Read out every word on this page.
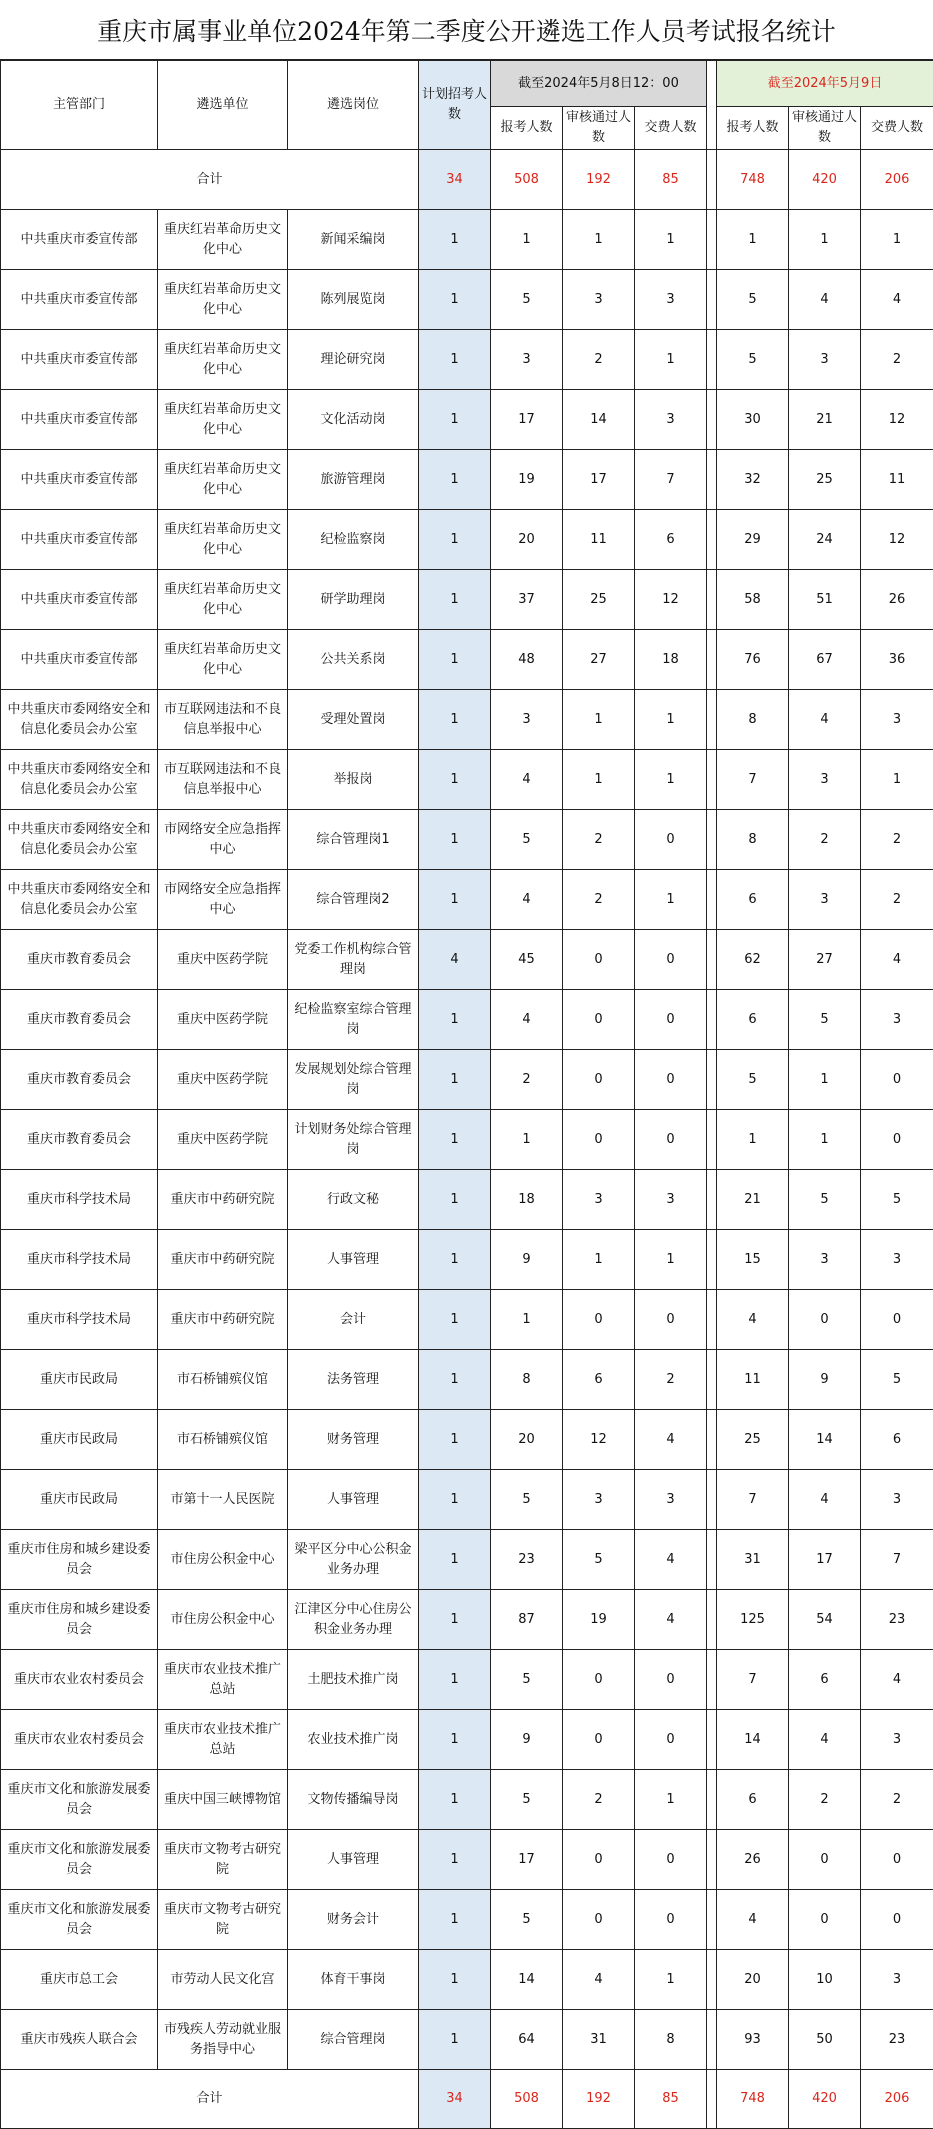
重庆市属事业单位2024年第二季度公开遴选工作人员考试报名统计
主管部门	遴选单位	遴选岗位	计划招考人数	截至2024年5月8日12：00				截至2024年5月9日		
				报考人数	审核通过人数	交费人数		报考人数	审核通过人数	交费人数
合计			34	508	192	85		748	420	206
中共重庆市委宣传部	重庆红岩革命历史文化中心	新闻采编岗	1	1	1	1		1	1	1
中共重庆市委宣传部	重庆红岩革命历史文化中心	陈列展览岗	1	5	3	3		5	4	4
中共重庆市委宣传部	重庆红岩革命历史文化中心	理论研究岗	1	3	2	1		5	3	2
中共重庆市委宣传部	重庆红岩革命历史文化中心	文化活动岗	1	17	14	3		30	21	12
中共重庆市委宣传部	重庆红岩革命历史文化中心	旅游管理岗	1	19	17	7		32	25	11
中共重庆市委宣传部	重庆红岩革命历史文化中心	纪检监察岗	1	20	11	6		29	24	12
中共重庆市委宣传部	重庆红岩革命历史文化中心	研学助理岗	1	37	25	12		58	51	26
中共重庆市委宣传部	重庆红岩革命历史文化中心	公共关系岗	1	48	27	18		76	67	36
中共重庆市委网络安全和信息化委员会办公室	市互联网违法和不良信息举报中心	受理处置岗	1	3	1	1		8	4	3
中共重庆市委网络安全和信息化委员会办公室	市互联网违法和不良信息举报中心	举报岗	1	4	1	1		7	3	1
中共重庆市委网络安全和信息化委员会办公室	市网络安全应急指挥中心	综合管理岗1	1	5	2	0		8	2	2
中共重庆市委网络安全和信息化委员会办公室	市网络安全应急指挥中心	综合管理岗2	1	4	2	1		6	3	2
重庆市教育委员会	重庆中医药学院	党委工作机构综合管理岗	4	45	0	0		62	27	4
重庆市教育委员会	重庆中医药学院	纪检监察室综合管理岗	1	4	0	0		6	5	3
重庆市教育委员会	重庆中医药学院	发展规划处综合管理岗	1	2	0	0		5	1	0
重庆市教育委员会	重庆中医药学院	计划财务处综合管理岗	1	1	0	0		1	1	0
重庆市科学技术局	重庆市中药研究院	行政文秘	1	18	3	3		21	5	5
重庆市科学技术局	重庆市中药研究院	人事管理	1	9	1	1		15	3	3
重庆市科学技术局	重庆市中药研究院	会计	1	1	0	0		4	0	0
重庆市民政局	市石桥铺殡仪馆	法务管理	1	8	6	2		11	9	5
重庆市民政局	市石桥铺殡仪馆	财务管理	1	20	12	4		25	14	6
重庆市民政局	市第十一人民医院	人事管理	1	5	3	3		7	4	3
重庆市住房和城乡建设委员会	市住房公积金中心	梁平区分中心公积金业务办理	1	23	5	4		31	17	7
重庆市住房和城乡建设委员会	市住房公积金中心	江津区分中心住房公积金业务办理	1	87	19	4		125	54	23
重庆市农业农村委员会	重庆市农业技术推广总站	土肥技术推广岗	1	5	0	0		7	6	4
重庆市农业农村委员会	重庆市农业技术推广总站	农业技术推广岗	1	9	0	0		14	4	3
重庆市文化和旅游发展委员会	重庆中国三峡博物馆	文物传播编导岗	1	5	2	1		6	2	2
重庆市文化和旅游发展委员会	重庆市文物考古研究院	人事管理	1	17	0	0		26	0	0
重庆市文化和旅游发展委员会	重庆市文物考古研究院	财务会计	1	5	0	0		4	0	0
重庆市总工会	市劳动人民文化宫	体育干事岗	1	14	4	1		20	10	3
重庆市残疾人联合会	市残疾人劳动就业服务指导中心	综合管理岗	1	64	31	8		93	50	23
合计			34	508	192	85		748	420	206
